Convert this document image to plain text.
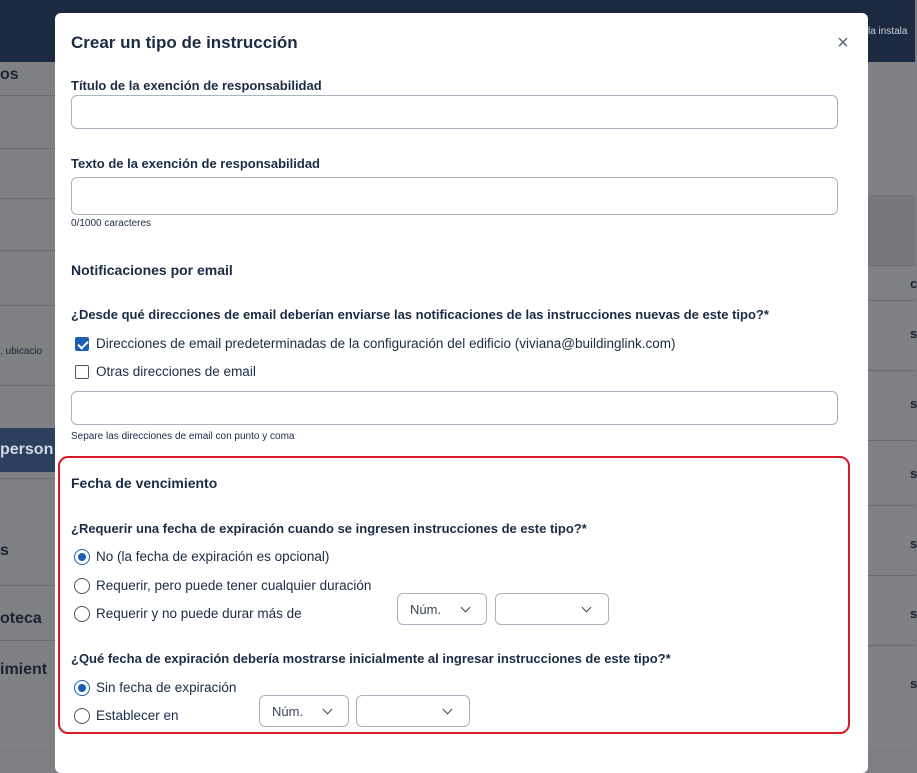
la instala
os
, ubicacio
person
s
oteca
imient
c
s
s
s
s
s
s
Crear un tipo de instrucción	×
Título de la exención de responsabilidad
Texto de la exención de responsabilidad
0/1000 caracteres
Notificaciones por email
¿Desde qué direcciones de email deberían enviarse las notificaciones de las instrucciones nuevas de este tipo?*
Direcciones de email predeterminadas de la configuración del edificio (viviana@buildinglink.com)
Otras direcciones de email
Separe las direcciones de email con punto y coma
Fecha de vencimiento
¿Requerir una fecha de expiración cuando se ingresen instrucciones de este tipo?*
No (la fecha de expiración es opcional)
Requerir, pero puede tener cualquier duración
Requerir y no puede durar más de	Núm.
¿Qué fecha de expiración debería mostrarse inicialmente al ingresar instrucciones de este tipo?*
Sin fecha de expiración
Establecer en	Núm.
